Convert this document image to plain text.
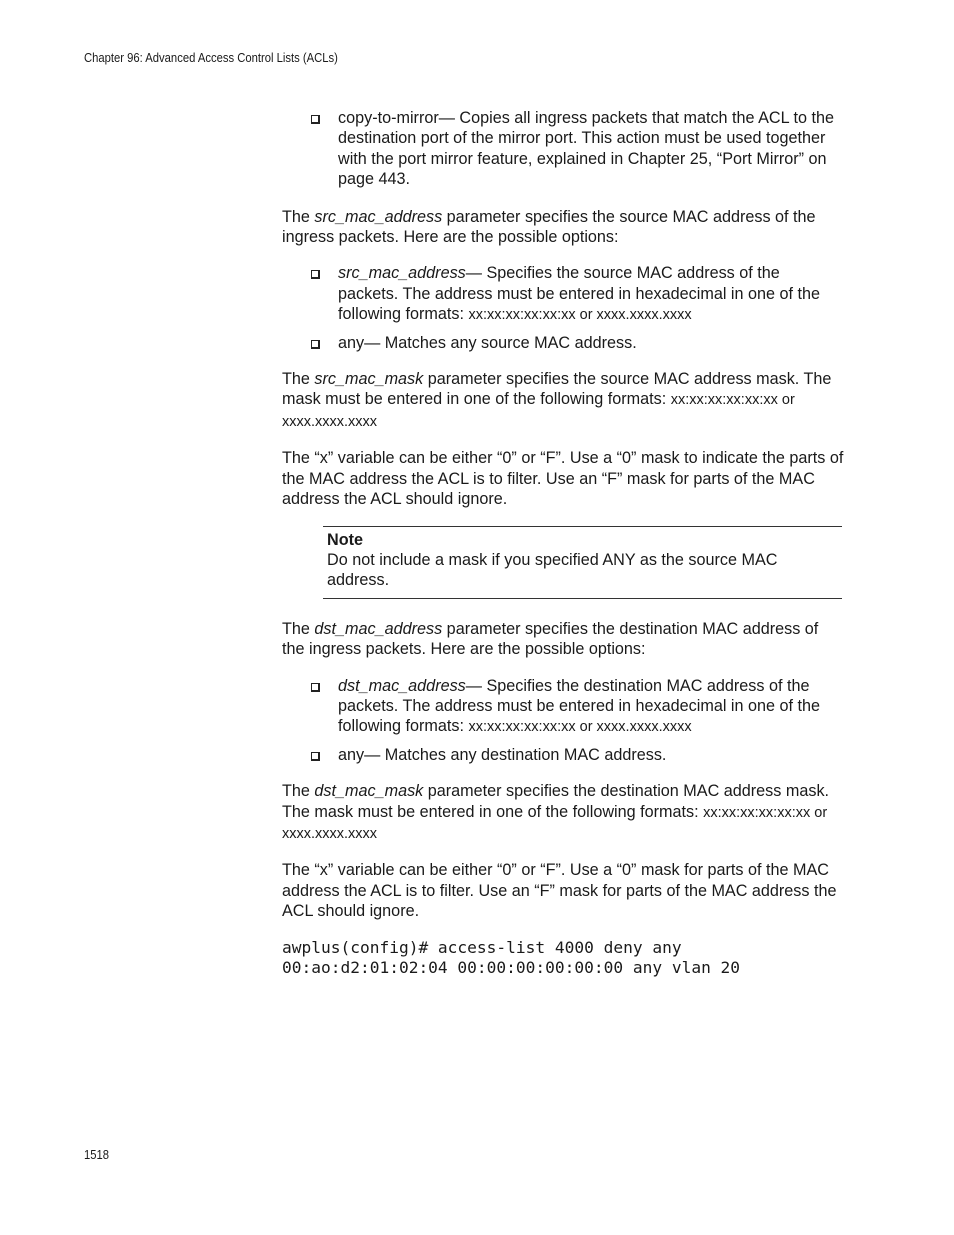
Chapter 96: Advanced Access Control Lists (ACLs)
copy-to-mirror— Copies all ingress packets that match the ACL to the destination port of the mirror port. This action must be used together with the port mirror feature, explained in Chapter 25, “Port Mirror” on page 443.

The src_mac_address parameter specifies the source MAC address of the ingress packets. Here are the possible options:

src_mac_address— Specifies the source MAC address of the packets. The address must be entered in hexadecimal in one of the following formats: xx:xx:xx:xx:xx:xx or xxxx.xxxx.xxxx
any— Matches any source MAC address.

The src_mac_mask parameter specifies the source MAC address mask. The mask must be entered in one of the following formats: xx:xx:xx:xx:xx:xx or xxxx.xxxx.xxxx

The “x” variable can be either “0” or “F”. Use a “0” mask to indicate the parts of the MAC address the ACL is to filter. Use an “F” mask for parts of the MAC address the ACL should ignore.

Note
Do not include a mask if you specified ANY as the source MAC address.

The dst_mac_address parameter specifies the destination MAC address of the ingress packets. Here are the possible options:

dst_mac_address— Specifies the destination MAC address of the packets. The address must be entered in hexadecimal in one of the following formats: xx:xx:xx:xx:xx:xx or xxxx.xxxx.xxxx
any— Matches any destination MAC address.

The dst_mac_mask parameter specifies the destination MAC address mask. The mask must be entered in one of the following formats: xx:xx:xx:xx:xx:xx or xxxx.xxxx.xxxx

The “x” variable can be either “0” or “F”. Use a “0” mask for parts of the MAC address the ACL is to filter. Use an “F” mask for parts of the MAC address the ACL should ignore.

awplus(config)# access-list 4000 deny any
00:ao:d2:01:02:04 00:00:00:00:00:00 any vlan 20
1518
